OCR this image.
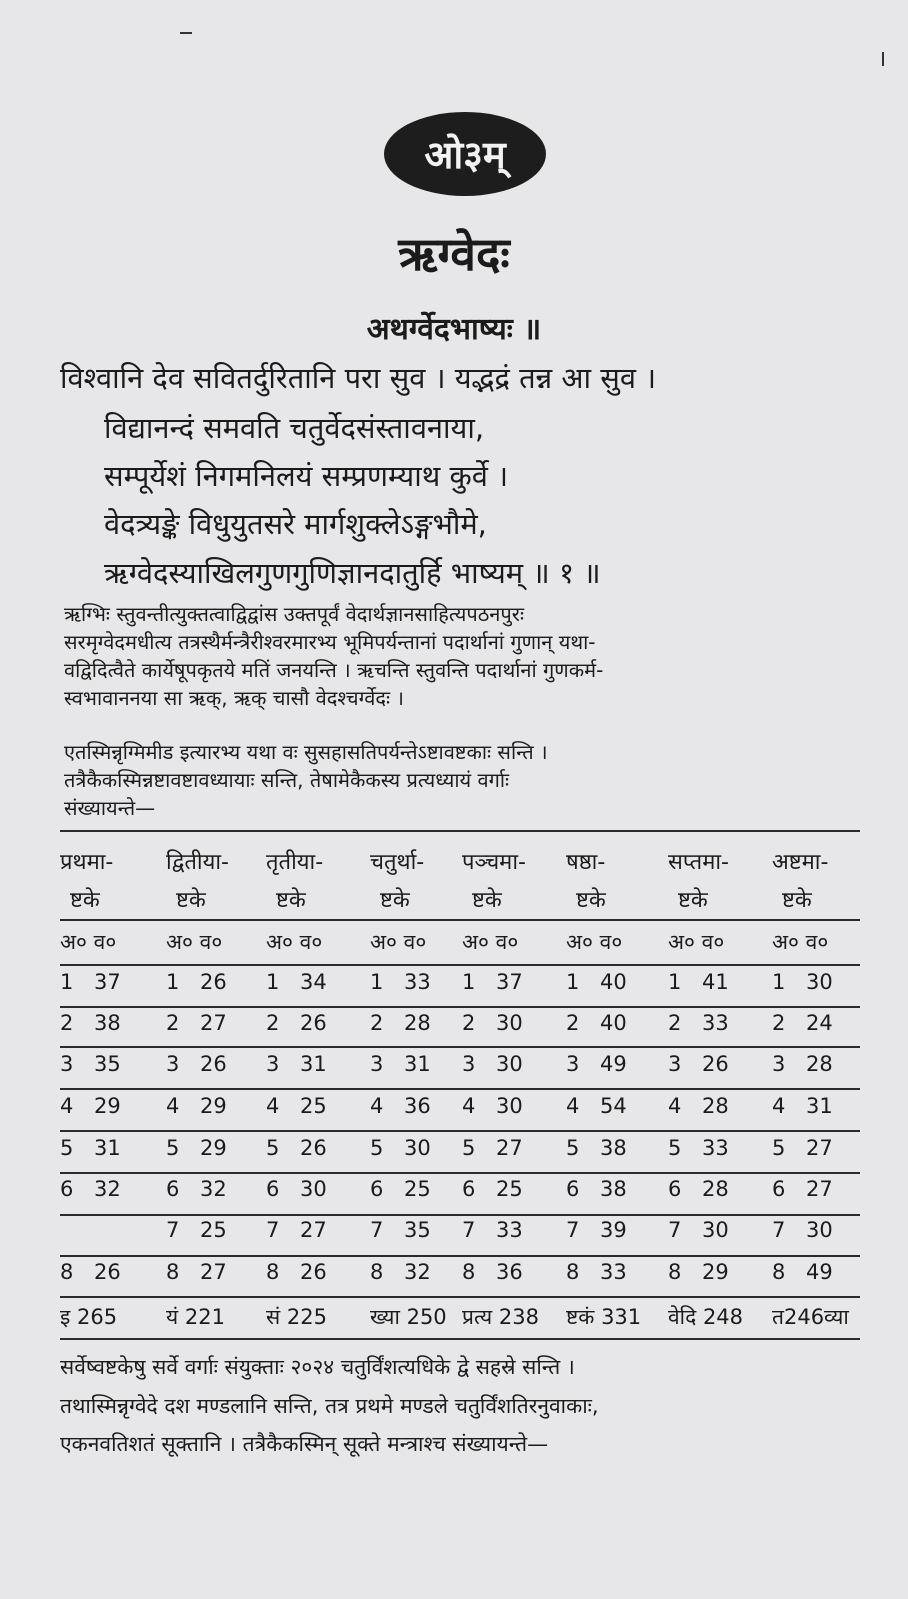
ओ३म्
ऋग्वेदः
अथर्ग्वेदभाष्यः ॥
विश्वानि देव सवितर्दुरितानि परा सुव । यद्भद्रं तन्न आ सुव ।
विद्यानन्दं समवति चतुर्वेदसंस्तावनाया,
सम्पूर्येशं निगमनिलयं सम्प्रणम्याथ कुर्वे ।
वेदत्र्यङ्के विधुयुतसरे मार्गशुक्लेऽङ्गभौमे,
ऋग्वेदस्याखिलगुणगुणिज्ञानदातुर्हि भाष्यम् ॥ १ ॥

ऋग्भिः स्तुवन्तीत्युक्तत्वाद्विद्वांस उक्तपूर्वं वेदार्थज्ञानसाहित्यपठनपुरः

सरमृग्वेदमधीत्य तत्रस्थैर्मन्त्रैरीश्वरमारभ्य भूमिपर्यन्तानां पदार्थानां गुणान् यथा-

वद्विदित्वैते कार्येषूपकृतये मतिं जनयन्ति । ऋचन्ति स्तुवन्ति पदार्थानां गुणकर्म-

स्वभावाननया सा ऋक्, ऋक् चासौ वेदश्चर्ग्वेदः ।

एतस्मिन्नृग्मिमीड इत्यारभ्य यथा वः सुसहासतिपर्यन्तेऽष्टावष्टकाः सन्ति ।

तत्रैकैकस्मिन्नष्टावष्टावध्यायाः सन्ति, तेषामेकैकस्य प्रत्यध्यायं वर्गाः

संख्यायन्ते—

प्रथमा-
ष्टके
अ० व०
द्वितीया-
ष्टके
अ० व०
तृतीया-
ष्टके
अ० व०
चतुर्था-
ष्टके
अ० व०
पञ्चमा-
ष्टके
अ० व०
षष्ठा-
ष्टके
अ० व०
सप्तमा-
ष्टके
अ० व०
अष्टमा-
ष्टके
अ० व०
1 37 1 26 1 34 1 33 1 37 1 40 1 41 1 30
2 38 2 27 2 26 2 28 2 30 2 40 2 33 2 24
3 35 3 26 3 31 3 31 3 30 3 49 3 26 3 28
4 29 4 29 4 25 4 36 4 30 4 54 4 28 4 31
5 31 5 29 5 26 5 30 5 27 5 38 5 33 5 27
6 32 6 32 6 30 6 25 6 25 6 38 6 28 6 27
7 25 7 27 7 35 7 33 7 39 7 30 7 30
8 26 8 27 8 26 8 32 8 36 8 33 8 29 8 49
इ 265 यं 221 सं 225 ख्या 250 प्रत्य 238 ष्टकं 331 वेदि 248 त246व्या
सर्वेष्वष्टकेषु सर्वे वर्गाः संयुक्ताः २०२४ चतुर्विंशत्यधिके द्वे सहस्रे सन्ति ।
तथास्मिन्नृग्वेदे दश मण्डलानि सन्ति, तत्र प्रथमे मण्डले चतुर्विंशतिरनुवाकाः,
एकनवतिशतं सूक्तानि । तत्रैकैकस्मिन् सूक्ते मन्त्राश्च संख्यायन्ते—
